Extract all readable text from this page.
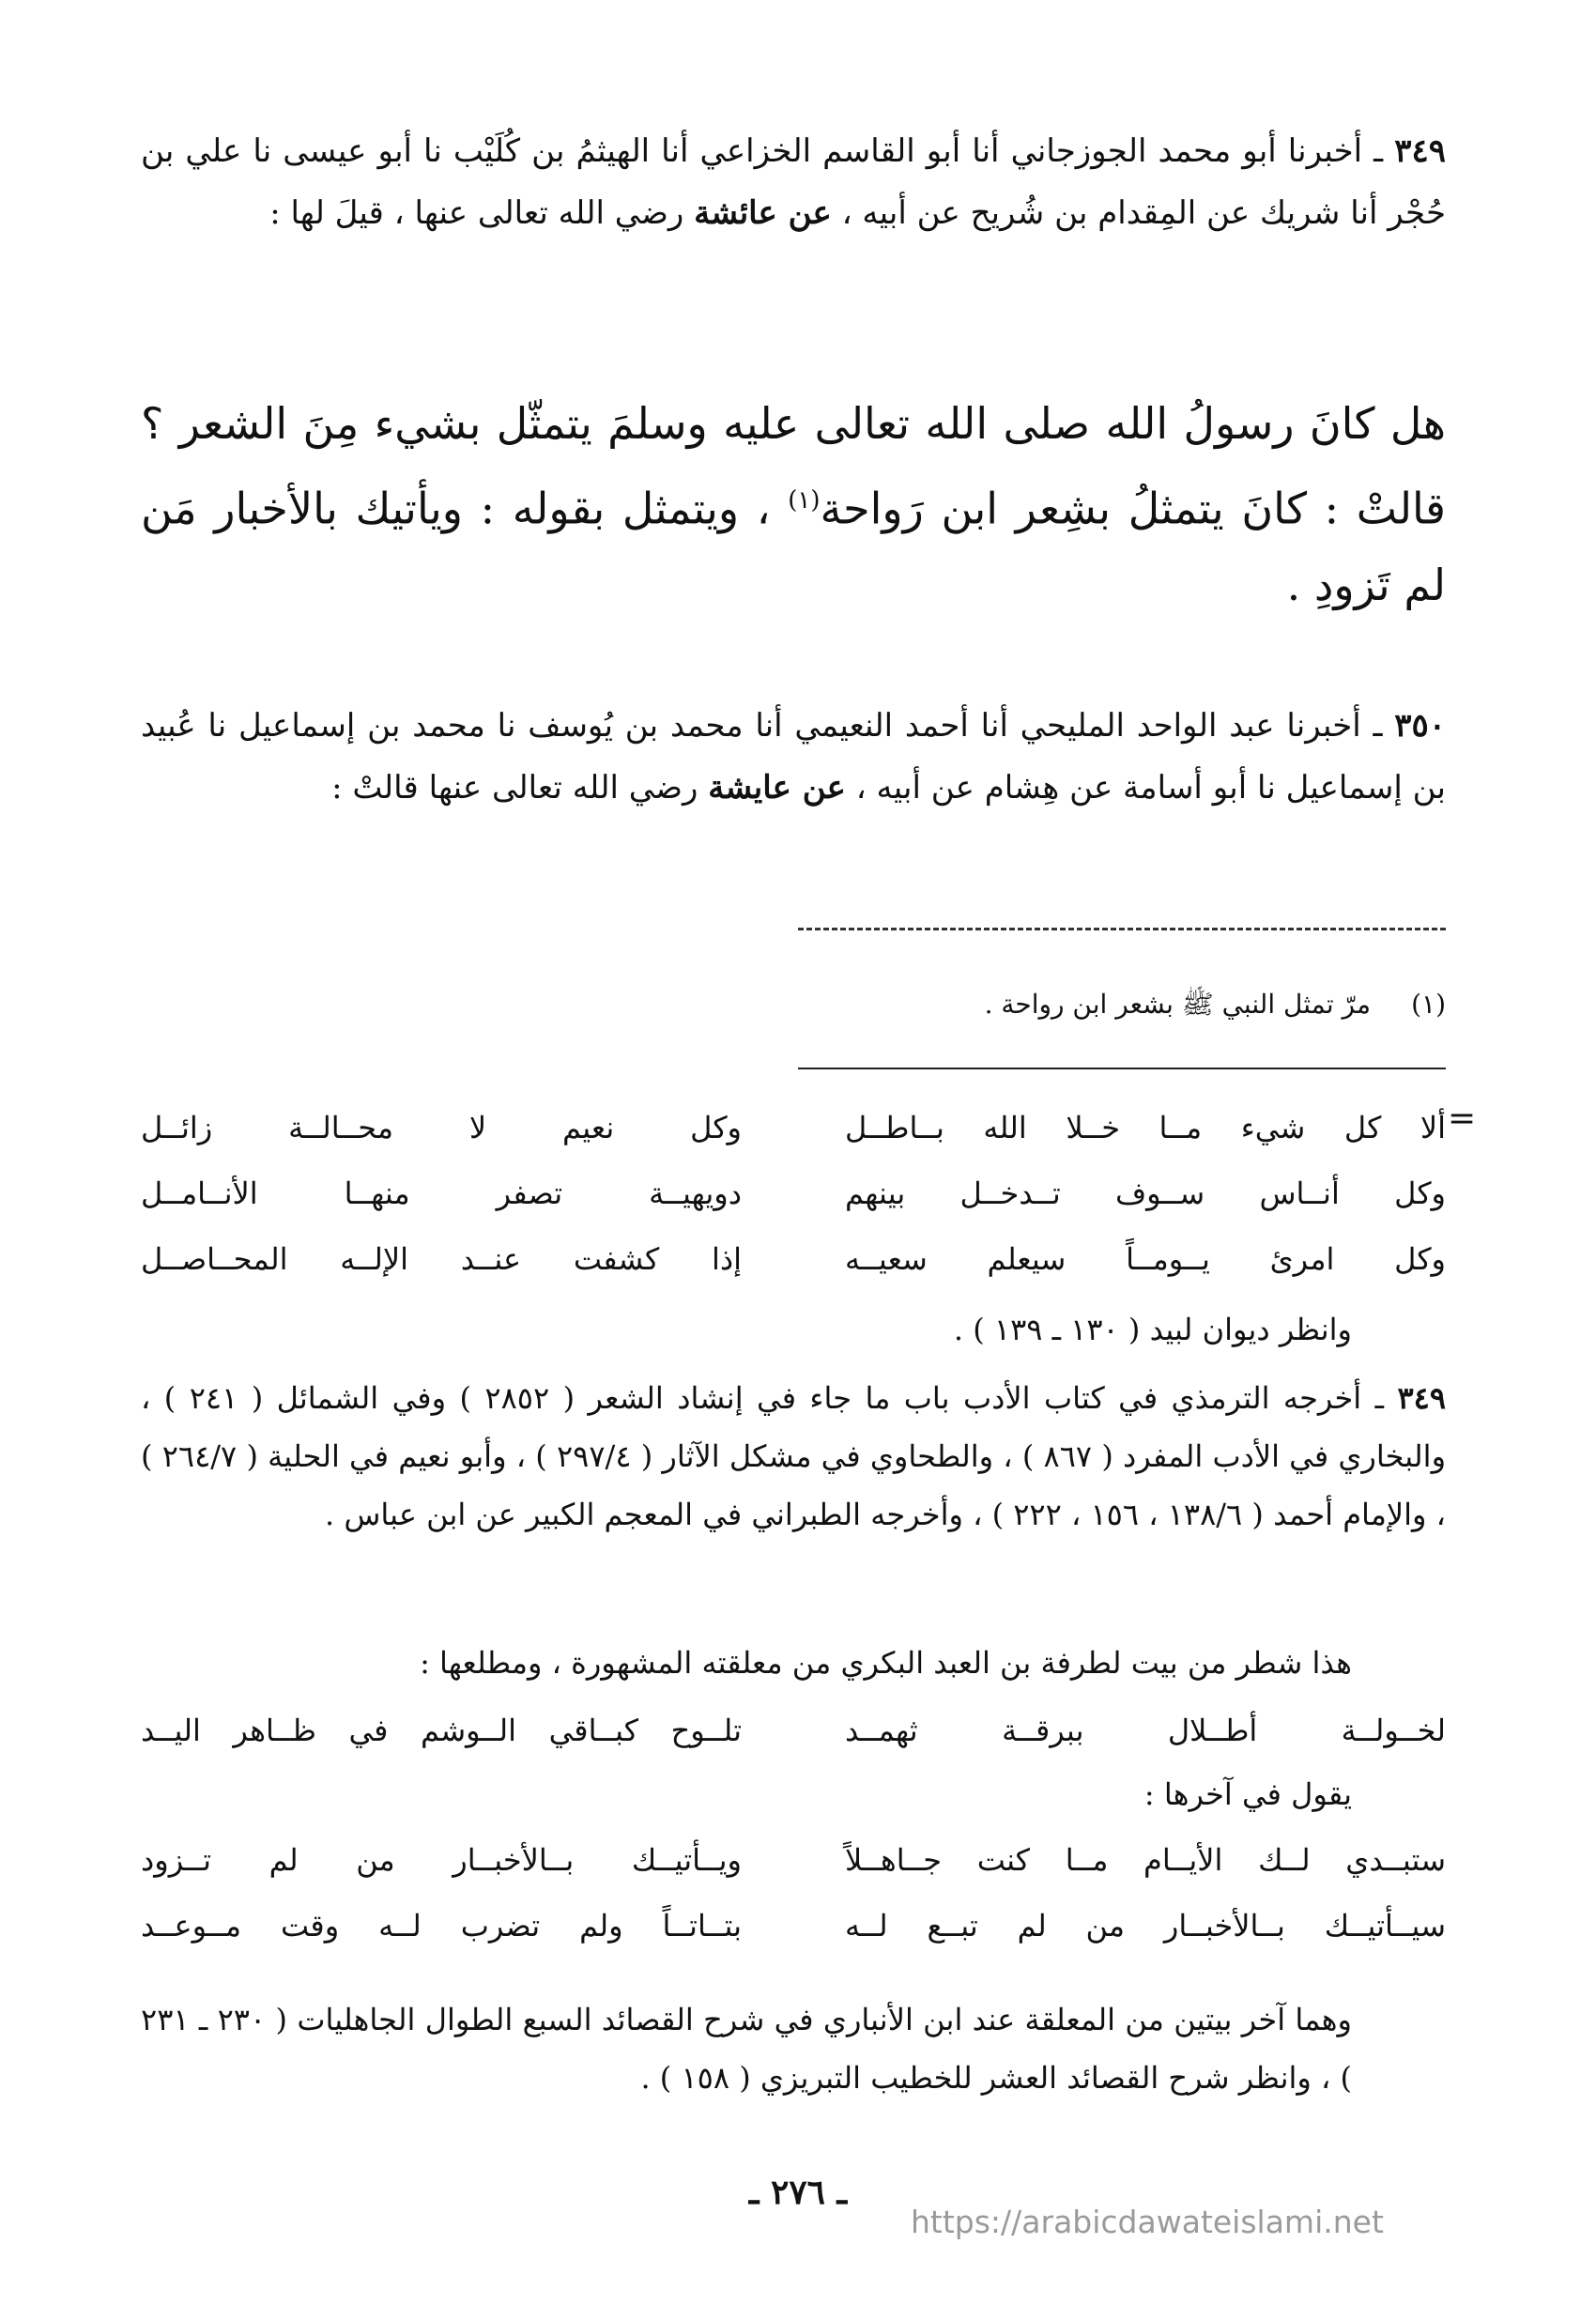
٣٤٩ ـ أخبرنا أبو محمد الجوزجاني أنا أبو القاسم الخزاعي أنا الهيثمُ بن كُلَيْب نا أبو عيسى نا علي بن حُجْر أنا شريك عن المِقدام بن شُريح عن أبيه ، عن عائشة رضي الله تعالى عنها ، قيلَ لها :
هل كانَ رسولُ الله صلى الله تعالى عليه وسلمَ يتمثّل بشيء مِنَ الشعر ؟ قالتْ : كانَ يتمثلُ بشِعر ابن رَواحة$^{(١)}$ ، ويتمثل بقوله : ويأتيك بالأخبار مَن لم تَزودِ .
٣٥٠ ـ أخبرنا عبد الواحد المليحي أنا أحمد النعيمي أنا محمد بن يُوسف نا محمد بن إسماعيل نا عُبيد بن إسماعيل نا أبو أسامة عن هِشام عن أبيه ، عن عايشة رضي الله تعالى عنها قالتْ :
(١)مرّ تمثل النبي ﷺ بشعر ابن رواحة .
=
ألا كل شيء مــا خــلا الله بــاطــل
وكل نعيم لا محــالــة زائــل
وكل أنــاس ســوف تــدخــل بينهم
دويهيــة تصفر منهــا الأنــامــل
وكل امرئ يــومــاً سيعلم سعيــه
إذا كشفت عنــد الإلــه المحــاصــل
وانظر ديوان لبيد ( ١٣٠ ـ ١٣٩ ) .
٣٤٩ ـ أخرجه الترمذي في كتاب الأدب باب ما جاء في إنشاد الشعر ( ٢٨٥٢ ) وفي الشمائل ( ٢٤١ ) ، والبخاري في الأدب المفرد ( ٨٦٧ ) ، والطحاوي في مشكل الآثار ( ٢٩٧/٤ ) ، وأبو نعيم في الحلية ( ٢٦٤/٧ ) ، والإمام أحمد ( ١٣٨/٦ ، ١٥٦ ، ٢٢٢ ) ، وأخرجه الطبراني في المعجم الكبير عن ابن عباس .
هذا شطر من بيت لطرفة بن العبد البكري من معلقته المشهورة ، ومطلعها :
لخــولــة أطــلال ببرقــة ثهمــد
تلــوح كبــاقي الــوشم في ظــاهر اليــد
يقول في آخرها :
ستبــدي لــك الأيــام مــا كنت جــاهــلاً
ويــأتيــك بــالأخبــار من لم تــزود
سيــأتيــك بــالأخبــار من لم تبــع لــه
بتــاتــاً ولم تضرب لــه وقت مــوعــد
وهما آخر بيتين من المعلقة عند ابن الأنباري في شرح القصائد السبع الطوال الجاهليات ( ٢٣٠ ـ ٢٣١ ) ، وانظر شرح القصائد العشر للخطيب التبريزي ( ١٥٨ ) .
ـ ٢٧٦ ـ
https://arabicdawateislami.net
